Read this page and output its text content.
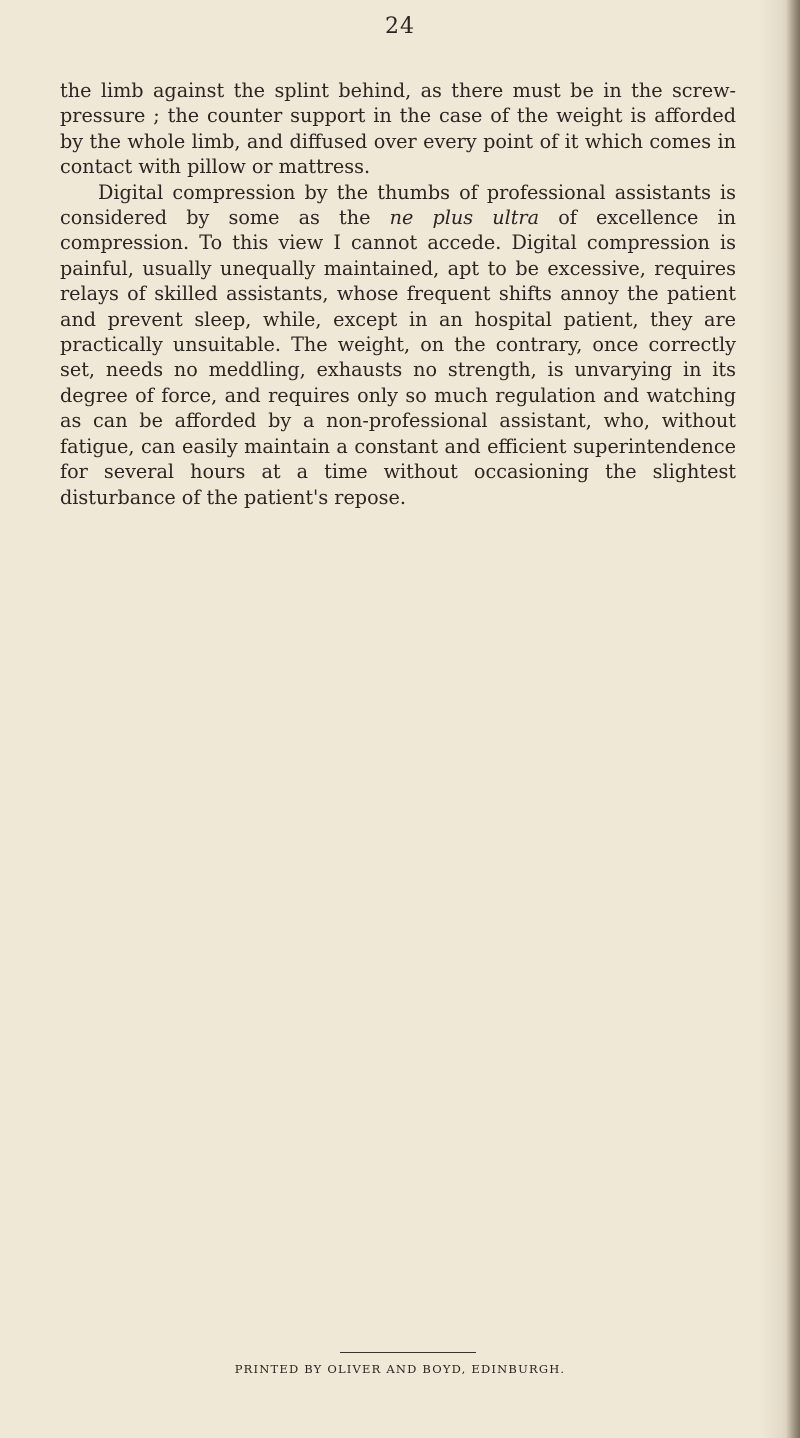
24

the limb against the splint behind, as there must be in the screw-pressure ; the counter support in the case of the weight is afforded by the whole limb, and diffused over every point of it which comes in contact with pillow or mattress.

Digital compression by the thumbs of professional assistants is considered by some as the ne plus ultra of excellence in compression. To this view I cannot accede. Digital compression is painful, usually unequally maintained, apt to be excessive, requires relays of skilled assistants, whose frequent shifts annoy the patient and prevent sleep, while, except in an hospital patient, they are practically unsuitable. The weight, on the contrary, once correctly set, needs no meddling, exhausts no strength, is unvarying in its degree of force, and requires only so much regulation and watching as can be afforded by a non-professional assistant, who, without fatigue, can easily maintain a constant and efficient superintendence for several hours at a time without occasioning the slightest disturbance of the patient's repose.

PRINTED BY OLIVER AND BOYD, EDINBURGH.
